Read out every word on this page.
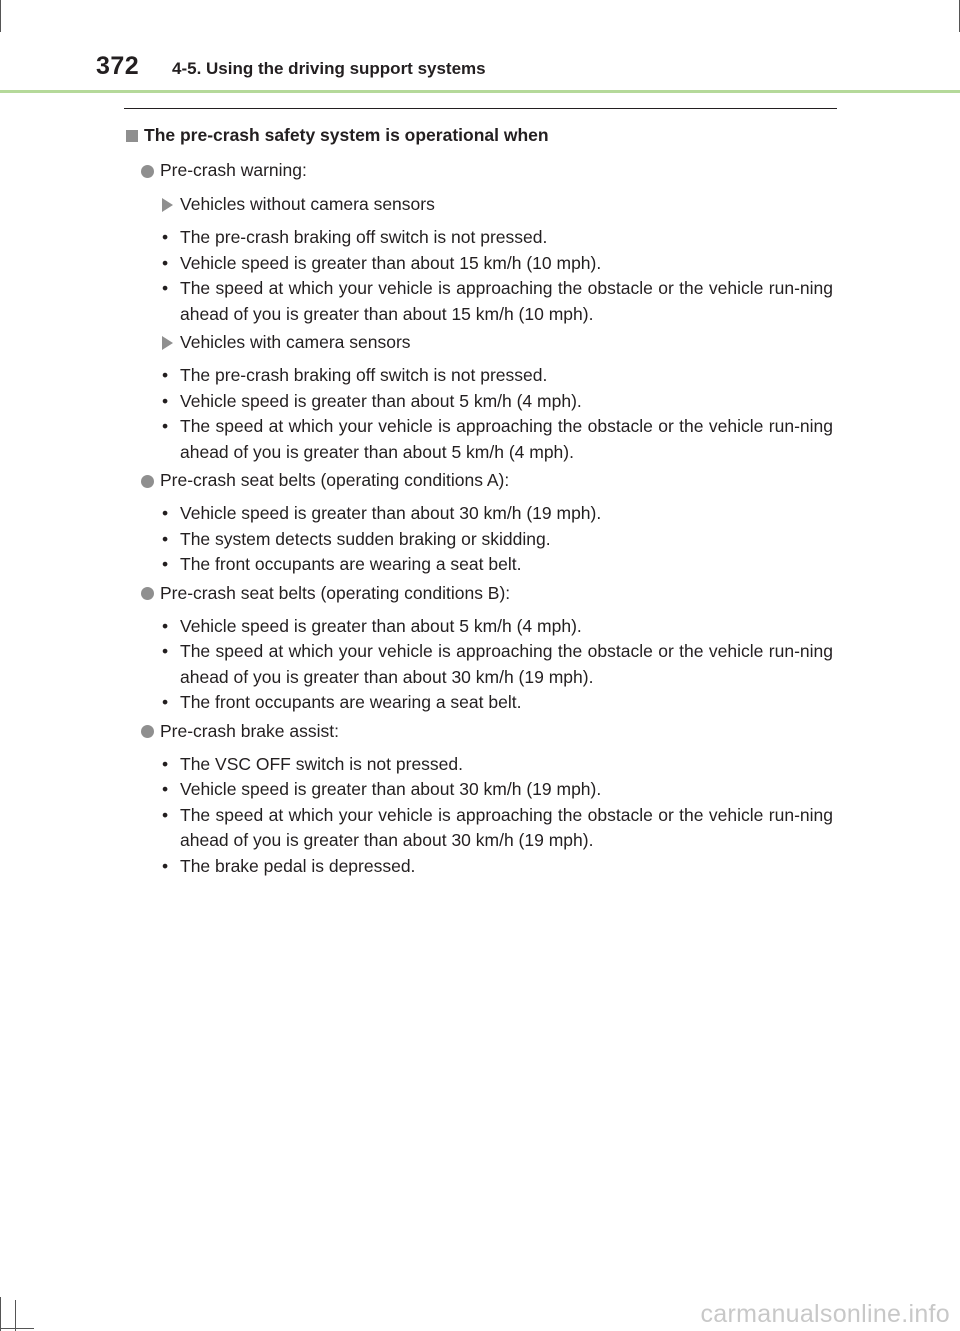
372	4-5. Using the driving support systems
The pre-crash safety system is operational when
Pre-crash warning:
Vehicles without camera sensors
• The pre-crash braking off switch is not pressed.
• Vehicle speed is greater than about 15 km/h (10 mph).
• The speed at which your vehicle is approaching the obstacle or the vehicle run-ning ahead of you is greater than about 15 km/h (10 mph).
Vehicles with camera sensors
• The pre-crash braking off switch is not pressed.
• Vehicle speed is greater than about 5 km/h (4 mph).
• The speed at which your vehicle is approaching the obstacle or the vehicle run-ning ahead of you is greater than about 5 km/h (4 mph).
Pre-crash seat belts (operating conditions A):
• Vehicle speed is greater than about 30 km/h (19 mph).
• The system detects sudden braking or skidding.
• The front occupants are wearing a seat belt.
Pre-crash seat belts (operating conditions B):
• Vehicle speed is greater than about 5 km/h (4 mph).
• The speed at which your vehicle is approaching the obstacle or the vehicle run-ning ahead of you is greater than about 30 km/h (19 mph).
• The front occupants are wearing a seat belt.
Pre-crash brake assist:
• The VSC OFF switch is not pressed.
• Vehicle speed is greater than about 30 km/h (19 mph).
• The speed at which your vehicle is approaching the obstacle or the vehicle run-ning ahead of you is greater than about 30 km/h (19 mph).
• The brake pedal is depressed.
carmanualsonline.info
